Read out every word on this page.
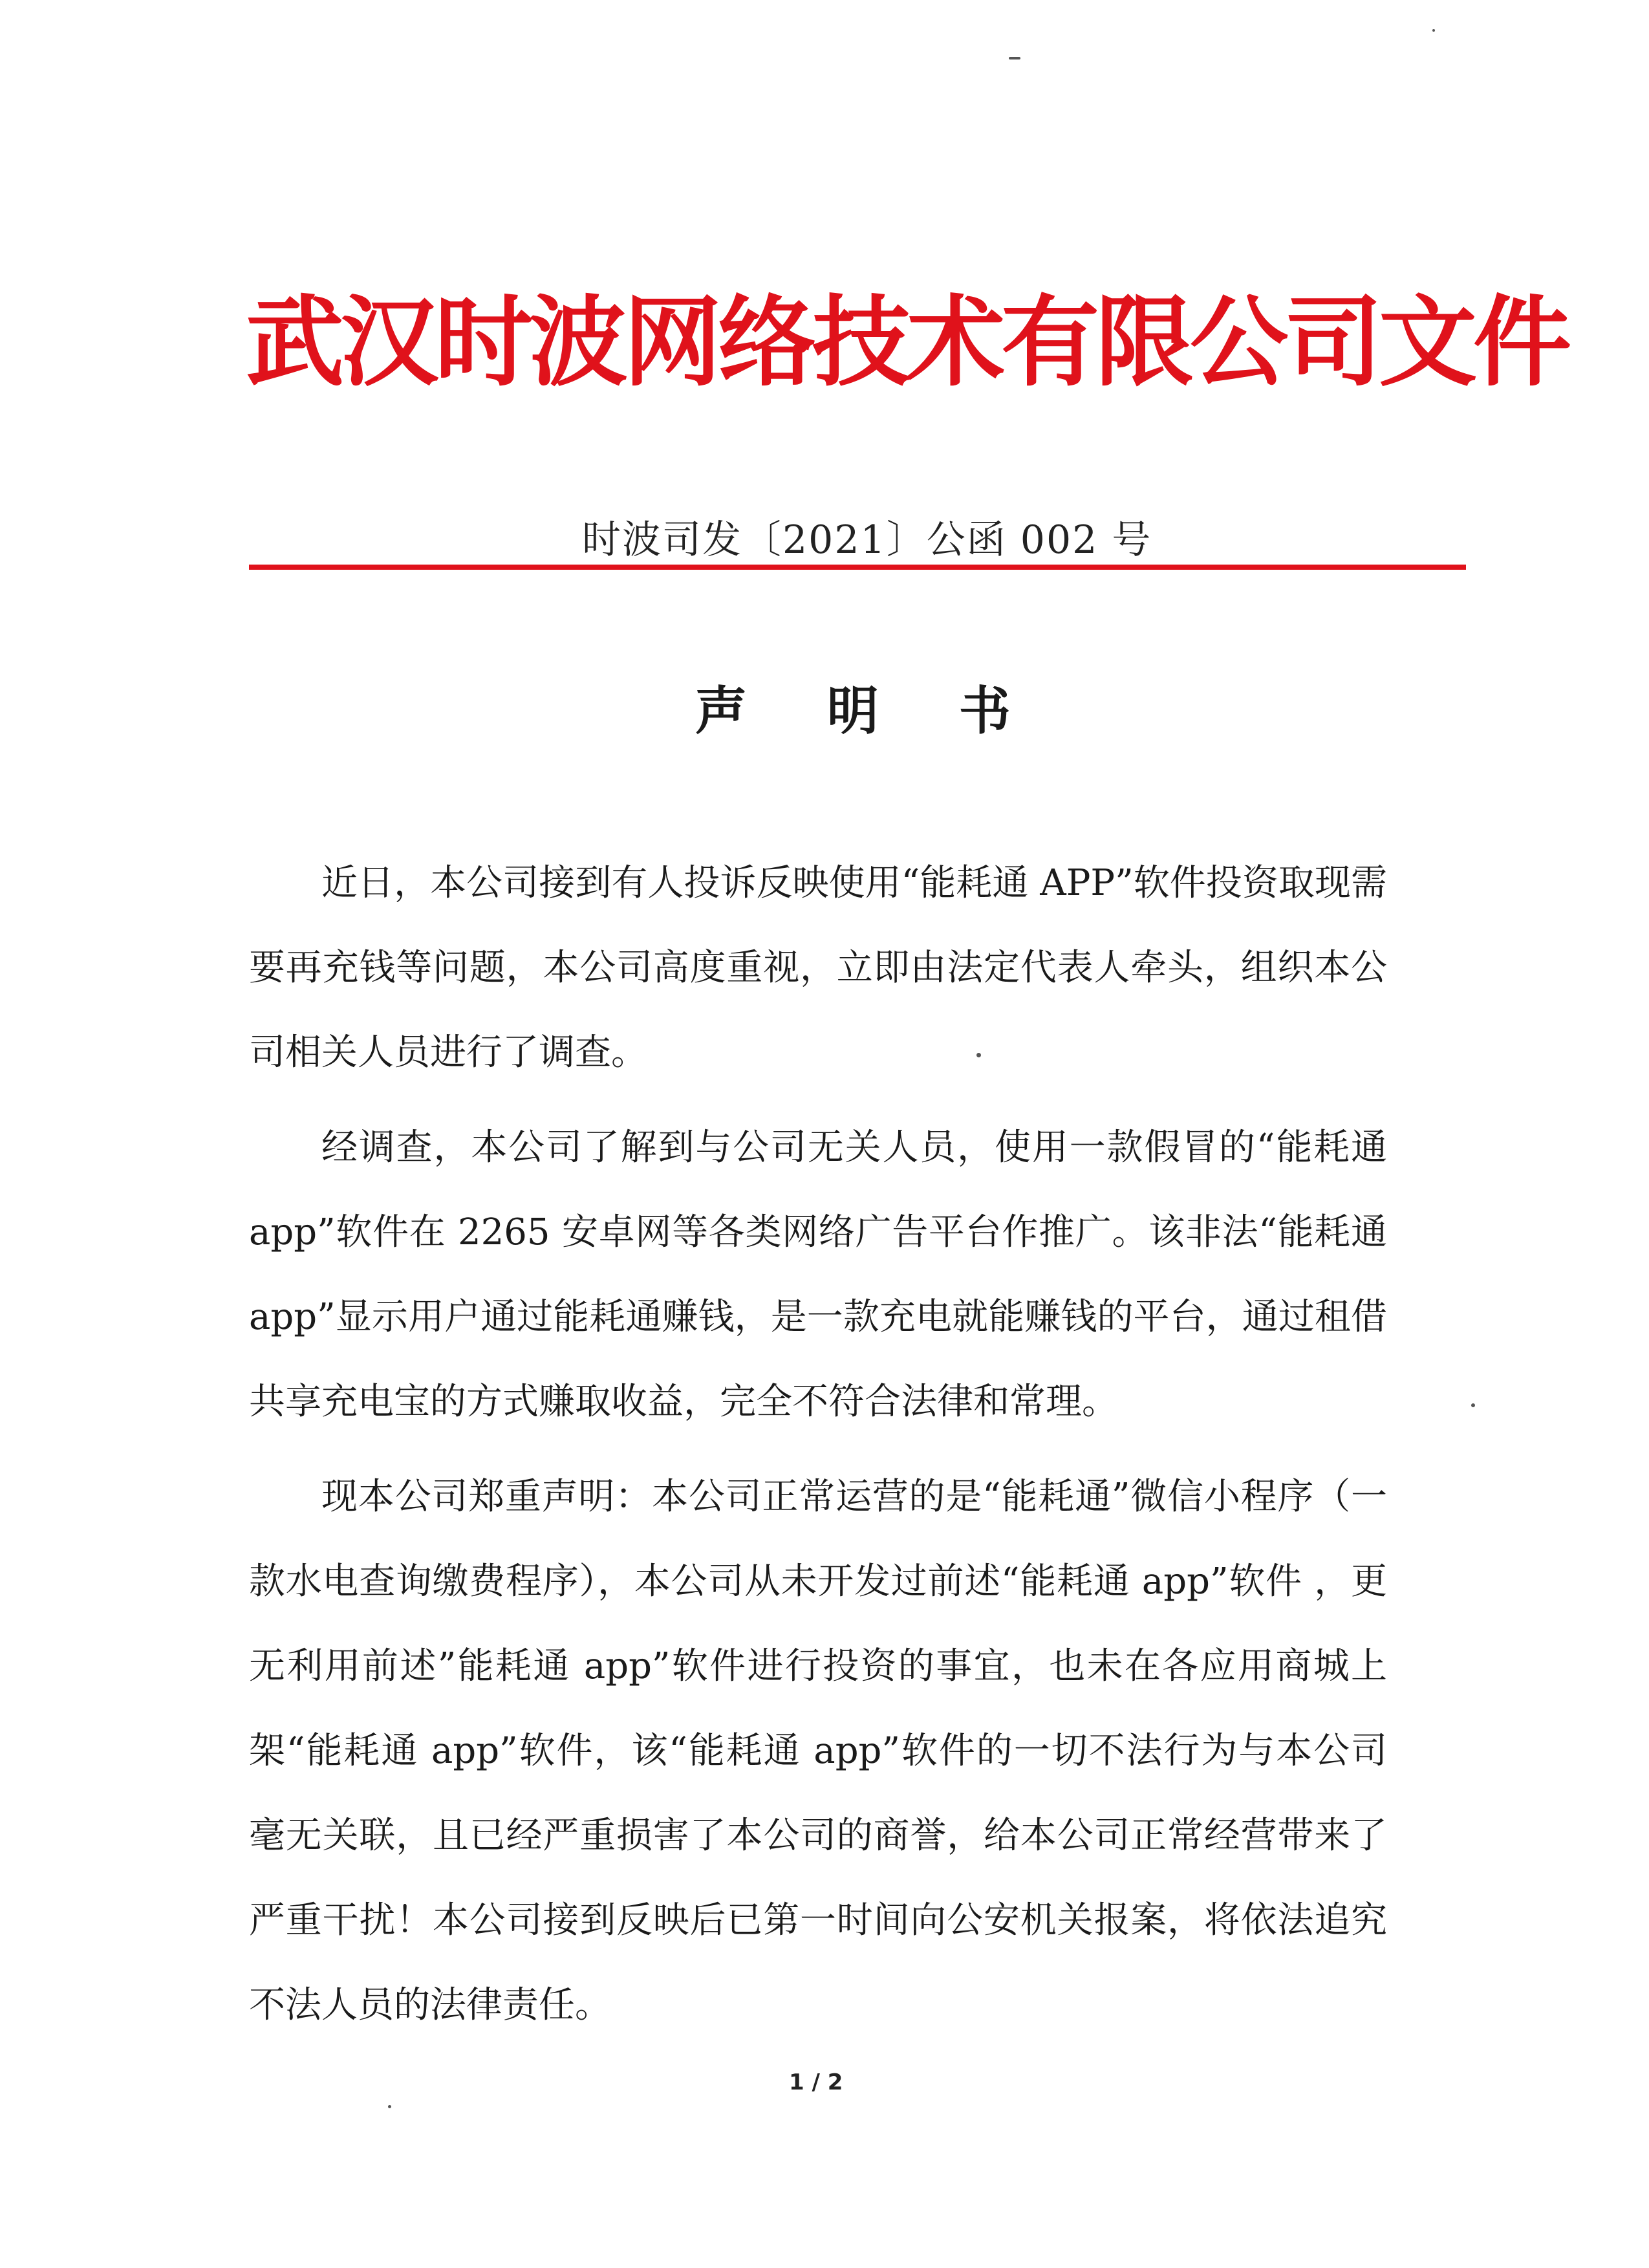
武汉时波网络技术有限公司文件
时波司发〔2021〕公函 002 号
声 明 书

近日，本公司接到有人投诉反映使用“能耗通 APP”软件投资取现需要再充钱等问题，本公司高度重视，立即由法定代表人牵头，组织本公司相关人员进行了调查。

经调查，本公司了解到与公司无关人员，使用一款假冒的“能耗通 app”软件在 2265 安卓网等各类网络广告平台作推广。该非法“能耗通 app”显示用户通过能耗通赚钱，是一款充电就能赚钱的平台，通过租借共享充电宝的方式赚取收益，完全不符合法律和常理。

现本公司郑重声明：本公司正常运营的是“能耗通”微信小程序（一款水电查询缴费程序），本公司从未开发过前述“能耗通 app”软件 ，更无利用前述”能耗通 app”软件进行投资的事宜，也未在各应用商城上架“能耗通 app”软件，该“能耗通 app”软件的一切不法行为与本公司毫无关联，且已经严重损害了本公司的商誉，给本公司正常经营带来了严重干扰！本公司接到反映后已第一时间向公安机关报案，将依法追究不法人员的法律责任。

1 / 2
